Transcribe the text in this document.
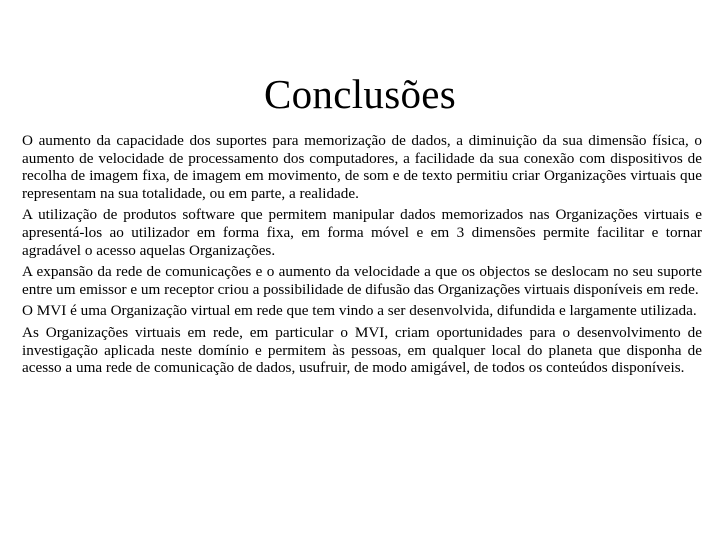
Conclusões

O aumento da capacidade dos suportes para memorização de dados, a diminuição da sua dimensão física, o aumento de velocidade de processamento dos computadores, a facilidade da sua conexão com dispositivos de recolha de imagem fixa, de imagem em movimento, de som e de texto permitiu criar Organizações virtuais que representam na sua totalidade, ou em parte, a realidade.

A utilização de produtos software que permitem manipular dados memorizados nas Organizações virtuais e apresentá-los ao utilizador em forma fixa, em forma móvel e em 3 dimensões permite facilitar e tornar agradável o acesso aquelas Organizações.

A expansão da rede de comunicações e o aumento da velocidade a que os objectos se deslocam no seu suporte entre um emissor e um receptor criou a possibilidade de difusão das Organizações virtuais disponíveis em rede.

O MVI é uma Organização virtual em rede que tem vindo a ser desenvolvida, difundida e largamente utilizada.

As Organizações virtuais em rede, em particular o MVI, criam oportunidades para o desenvolvimento de investigação aplicada neste domínio e permitem às pessoas, em qualquer local do planeta que disponha de acesso a uma rede de comunicação de dados, usufruir, de modo amigável, de todos os conteúdos disponíveis.
